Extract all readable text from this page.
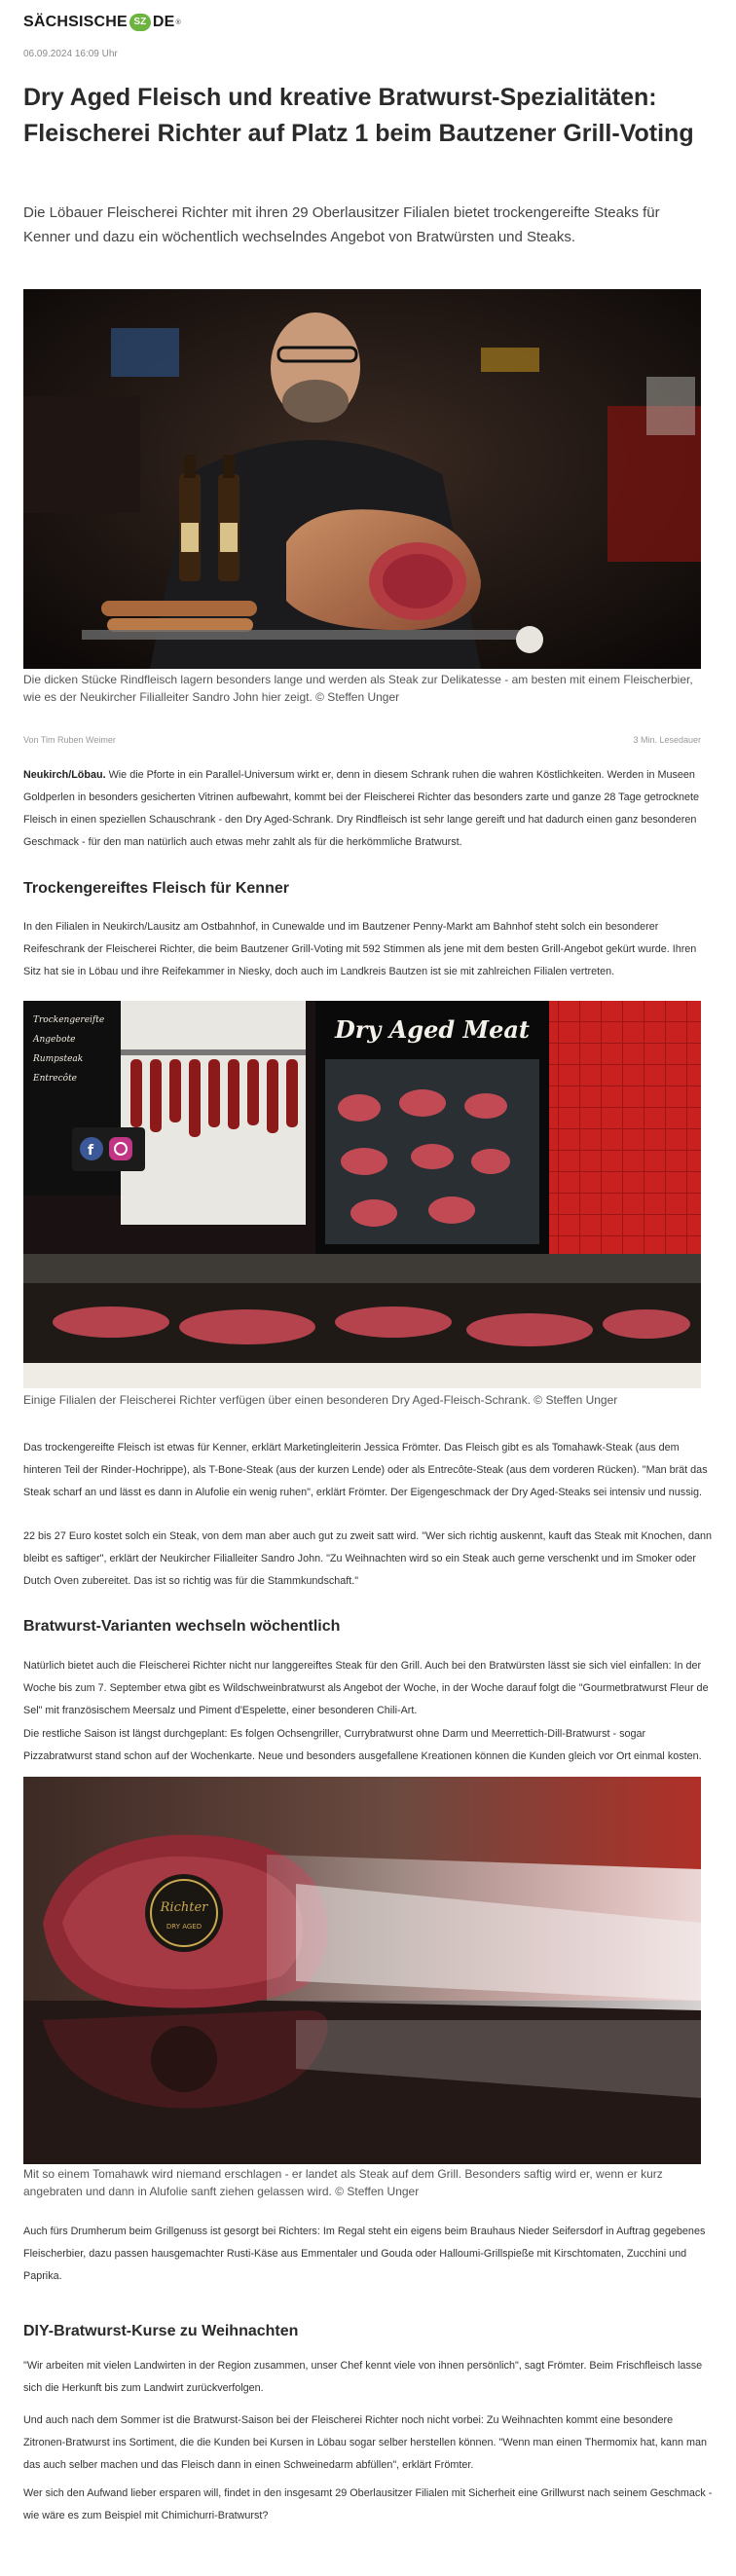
SÄCHSISCHE SZ DE ®
06.09.2024 16:09 Uhr
Dry Aged Fleisch und kreative Bratwurst-Spezialitäten: Fleischerei Richter auf Platz 1 beim Bautzener Grill-Voting

Die Löbauer Fleischerei Richter mit ihren 29 Oberlausitzer Filialen bietet trockengereifte Steaks für Kenner und dazu ein wöchentlich wechselndes Angebot von Bratwürsten und Steaks.

Die dicken Stücke Rindfleisch lagern besonders lange und werden als Steak zur Delikatesse - am besten mit einem Fleischerbier, wie es der Neukircher Filialleiter Sandro John hier zeigt. © Steffen Unger

Von Tim Ruben Weimer	3 Min. Lesedauer

Neukirch/Löbau. Wie die Pforte in ein Parallel-Universum wirkt er, denn in diesem Schrank ruhen die wahren Köstlichkeiten. Werden in Museen Goldperlen in besonders gesicherten Vitrinen aufbewahrt, kommt bei der Fleischerei Richter das besonders zarte und ganze 28 Tage getrocknete Fleisch in einen speziellen Schauschrank - den Dry Aged-Schrank. Dry Rindfleisch ist sehr lange gereift und hat dadurch einen ganz besonderen Geschmack - für den man natürlich auch etwas mehr zahlt als für die herkömmliche Bratwurst.

Trockengereiftes Fleisch für Kenner

In den Filialen in Neukirch/Lausitz am Ostbahnhof, in Cunewalde und im Bautzener Penny-Markt am Bahnhof steht solch ein besonderer Reifeschrank der Fleischerei Richter, die beim Bautzener Grill-Voting mit 592 Stimmen als jene mit dem besten Grill-Angebot gekürt wurde. Ihren Sitz hat sie in Löbau und ihre Reifekammer in Niesky, doch auch im Landkreis Bautzen ist sie mit zahlreichen Filialen vertreten.

Trockengereifte
Angebote
Rumpsteak
Entrecôte
f
Dry Aged Meat

Einige Filialen der Fleischerei Richter verfügen über einen besonderen Dry Aged-Fleisch-Schrank. © Steffen Unger

Das trockengereifte Fleisch ist etwas für Kenner, erklärt Marketingleiterin Jessica Frömter. Das Fleisch gibt es als Tomahawk-Steak (aus dem hinteren Teil der Rinder-Hochrippe), als T-Bone-Steak (aus der kurzen Lende) oder als Entrecôte-Steak (aus dem vorderen Rücken). "Man brät das Steak scharf an und lässt es dann in Alufolie ein wenig ruhen", erklärt Frömter. Der Eigengeschmack der Dry Aged-Steaks sei intensiv und nussig.

22 bis 27 Euro kostet solch ein Steak, von dem man aber auch gut zu zweit satt wird. "Wer sich richtig auskennt, kauft das Steak mit Knochen, dann bleibt es saftiger", erklärt der Neukircher Filialleiter Sandro John. "Zu Weihnachten wird so ein Steak auch gerne verschenkt und im Smoker oder Dutch Oven zubereitet. Das ist so richtig was für die Stammkundschaft."

Bratwurst-Varianten wechseln wöchentlich

Natürlich bietet auch die Fleischerei Richter nicht nur langgereiftes Steak für den Grill. Auch bei den Bratwürsten lässt sie sich viel einfallen: In der Woche bis zum 7. September etwa gibt es Wildschweinbratwurst als Angebot der Woche, in der Woche darauf folgt die "Gourmetbratwurst Fleur de Sel" mit französischem Meersalz und Piment d'Espelette, einer besonderen Chili-Art.

Die restliche Saison ist längst durchgeplant: Es folgen Ochsengriller, Currybratwurst ohne Darm und Meerrettich-Dill-Bratwurst - sogar Pizzabratwurst stand schon auf der Wochenkarte. Neue und besonders ausgefallene Kreationen können die Kunden gleich vor Ort einmal kosten.

Richter
DRY AGED

Mit so einem Tomahawk wird niemand erschlagen - er landet als Steak auf dem Grill. Besonders saftig wird er, wenn er kurz angebraten und dann in Alufolie sanft ziehen gelassen wird. © Steffen Unger

Auch fürs Drumherum beim Grillgenuss ist gesorgt bei Richters: Im Regal steht ein eigens beim Brauhaus Nieder Seifersdorf in Auftrag gegebenes Fleischerbier, dazu passen hausgemachter Rusti-Käse aus Emmentaler und Gouda oder Halloumi-Grillspieße mit Kirschtomaten, Zucchini und Paprika.

DIY-Bratwurst-Kurse zu Weihnachten

"Wir arbeiten mit vielen Landwirten in der Region zusammen, unser Chef kennt viele von ihnen persönlich", sagt Frömter. Beim Frischfleisch lasse sich die Herkunft bis zum Landwirt zurückverfolgen.

Und auch nach dem Sommer ist die Bratwurst-Saison bei der Fleischerei Richter noch nicht vorbei: Zu Weihnachten kommt eine besondere Zitronen-Bratwurst ins Sortiment, die die Kunden bei Kursen in Löbau sogar selber herstellen können. "Wenn man einen Thermomix hat, kann man das auch selber machen und das Fleisch dann in einen Schweinedarm abfüllen", erklärt Frömter.

Wer sich den Aufwand lieber ersparen will, findet in den insgesamt 29 Oberlausitzer Filialen mit Sicherheit eine Grillwurst nach seinem Geschmack - wie wäre es zum Beispiel mit Chimichurri-Bratwurst?
